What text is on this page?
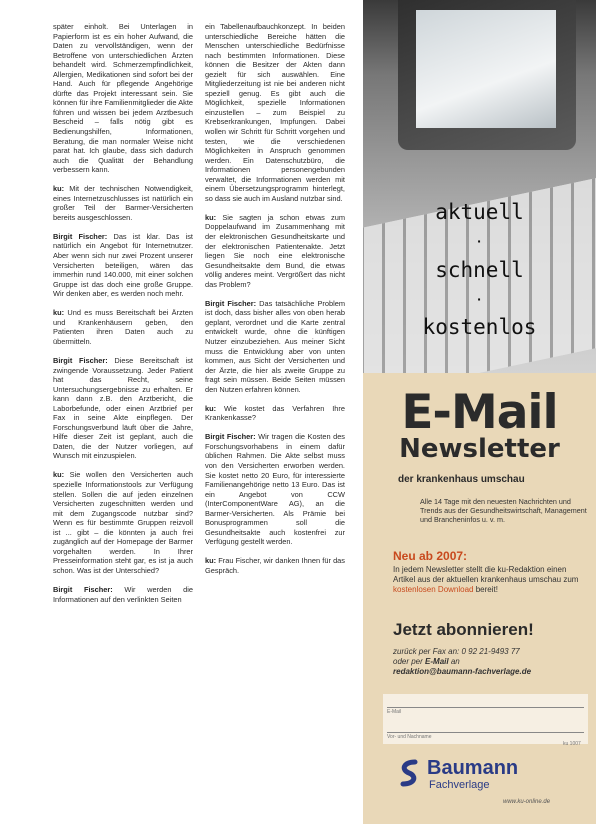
später einholt. Bei Unterlagen in Papierform ist es ein hoher Aufwand, die Daten zu vervollständigen, wenn der Betroffene von unterschiedlichen Ärzten behandelt wird. Schmerzempfindlichkeit, Allergien, Medikationen sind sofort bei der Hand. Auch für pflegende Angehörige dürfte das Projekt interessant sein. Sie können für ihre Familienmitglieder die Akte führen und wissen bei jedem Arztbesuch Bescheid – falls nötig gibt es Bedienungshilfen, Informationen, Beratung, die man normaler Weise nicht parat hat. Ich glaube, dass sich dadurch auch die Qualität der Behandlung verbessern kann.

ku: Mit der technischen Notwendigkeit, eines Internetzuschlusses ist natürlich ein großer Teil der Barmer-Versicherten bereits ausgeschlossen.

Birgit Fischer: Das ist klar. Das ist natürlich ein Angebot für Internetnutzer. Aber wenn sich nur zwei Prozent unserer Versicherten beteiligen, wären das immerhin rund 140.000, mit einer solchen Gruppe ist das doch eine große Gruppe. Wir denken aber, es werden noch mehr.

ku: Und es muss Bereitschaft bei Ärzten und Krankenhäusern geben, den Patienten ihren Daten auch zu übermitteln.

Birgit Fischer: Diese Bereitschaft ist zwingende Voraussetzung. Jeder Patient hat das Recht, seine Untersuchungsergebnisse zu erhalten. Er kann dann z.B. den Arztbericht, die Laborbefunde, oder einen Arztbrief per Fax in seine Akte einpflegen. Der Forschungsverbund läuft über die Jahre, Hilfe dieser Zeit ist geplant, auch die Daten, die der Nutzer vorliegen, auf Wunsch mit einzuspielen.

ku: Sie wollen den Versicherten auch spezielle Informationstools zur Verfügung stellen. Sollen die auf jeden einzelnen Versicherten zugeschnitten werden und mit dem Zugangscode nutzbar sind? Wenn es für bestimmte Gruppen reizvoll ist ... gibt – die könnten ja auch frei zugänglich auf der Homepage der Barmer vorgehalten werden. In Ihrer Presseinformation steht gar, es ist ja auch schon. Was ist der Unterschied?

Birgit Fischer: Wir werden die Informationen auf den verlinkten Seiten

ein Tabellenaufbauchkonzept. In beiden unterschiedliche Bereiche hätten die Menschen unterschiedliche Bedürfnisse nach bestimmten Informationen. Diese können die Besitzer der Akten dann gezielt für sich auswählen. Eine Mitgliederzeitung ist nie bei anderen nicht speziell genug. Es gibt auch die Möglichkeit, spezielle Informationen einzustellen – zum Beispiel zu Krebserkrankungen, Impfungen. Dabei wollen wir Schritt für Schritt vorgehen und testen, wie die verschiedenen Möglichkeiten in Anspruch genommen werden. Ein Datenschutzbüro, die Informationen personengebunden verwaltet, die Informationen werden mit einem Übersetzungsprogramm hinterlegt, so dass sie auch im Ausland nutzbar sind.

ku: Sie sagten ja schon etwas zum Doppelaufwand im Zusammenhang mit der elektronischen Gesundheitskarte und der elektronischen Patientenakte. Jetzt liegen Sie noch eine elektronische Gesundheitsakte dem Bund, die etwas völlig anderes meint. Vergrößert das nicht das Problem?

Birgit Fischer: Das tatsächliche Problem ist doch, dass bisher alles von oben herab geplant, verordnet und die Karte zentral entwickelt wurde, ohne die künftigen Nutzer einzubeziehen. Aus meiner Sicht muss die Entwicklung aber von unten kommen, aus Sicht der Versicherten und der Ärzte, die hier als zweite Gruppe zu fragt sein müssen. Beide Seiten müssen den Nutzen erfahren können.

ku: Wie kostet das Verfahren Ihre Krankenkasse?

Birgit Fischer: Wir tragen die Kosten des Forschungsvorhabens in einem dafür üblichen Rahmen. Die Akte selbst muss von den Versicherten erworben werden. Sie kostet netto 20 Euro, für interessierte Familienangehörige netto 13 Euro. Das ist ein Angebot von CCW (InterComponentWare AG), an die Barmer-Versicherten. Als Prämie bei Bonusprogrammen soll die Gesundheitsakte auch kostenfrei zur Verfügung gestellt werden.

ku: Frau Fischer, wir danken Ihnen für das Gespräch.

aktuell
·
schnell
·
kostenlos
E-Mail
Newsletter
der krankenhaus umschau
Alle 14 Tage mit den neuesten Nachrichten und Trends aus der Gesundheitswirtschaft, Management und Brancheninfos u. v. m.
Neu ab 2007:
In jedem Newsletter stellt die ku-Redaktion einen Artikel aus der aktuellen krankenhaus umschau zum kostenlosen Download bereit!
Jetzt abonnieren!
zurück per Fax an: 0 92 21-9493 77
oder per E-Mail an
redaktion@baumann-fachverlage.de
E-Mail
Vor- und Nachname
ku 1007
Baumann
Fachverlage
www.ku-online.de
